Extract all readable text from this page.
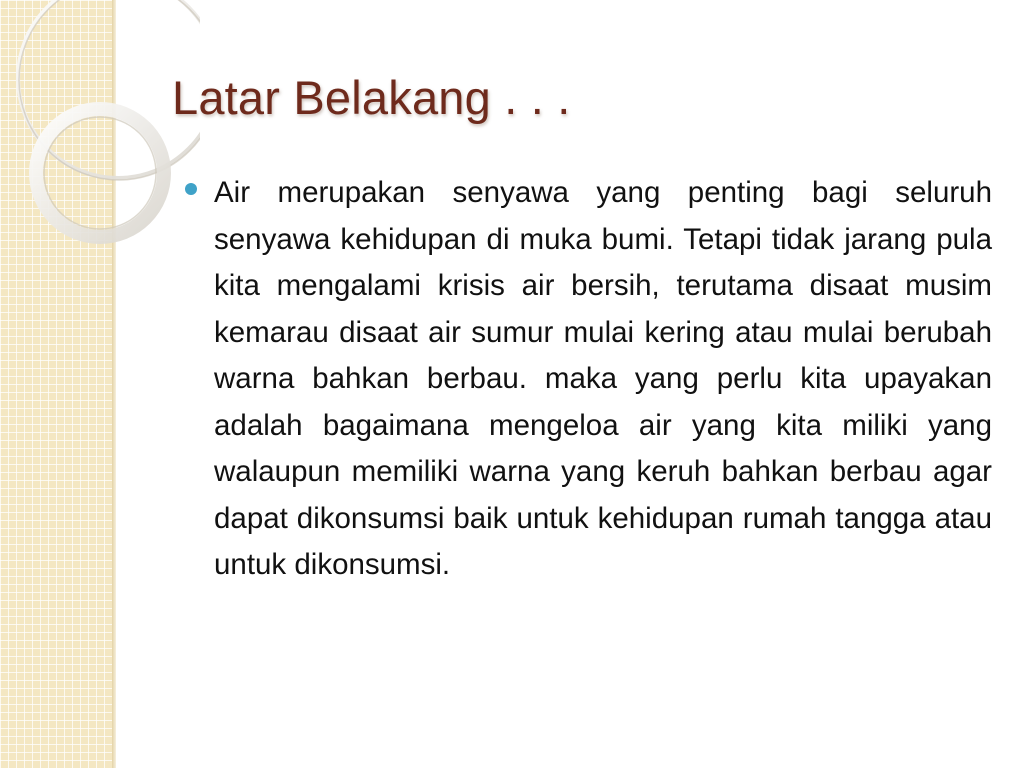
Latar Belakang . . .

Air merupakan senyawa yang penting bagi seluruh senyawa kehidupan di muka bumi. Tetapi tidak jarang pula kita mengalami krisis air bersih, terutama disaat musim kemarau disaat air sumur mulai kering atau mulai berubah warna bahkan berbau. maka yang perlu kita upayakan adalah bagaimana mengeloa air yang kita miliki yang walaupun memiliki warna yang keruh bahkan berbau agar dapat dikonsumsi baik untuk kehidupan rumah tangga atau untuk dikonsumsi.
